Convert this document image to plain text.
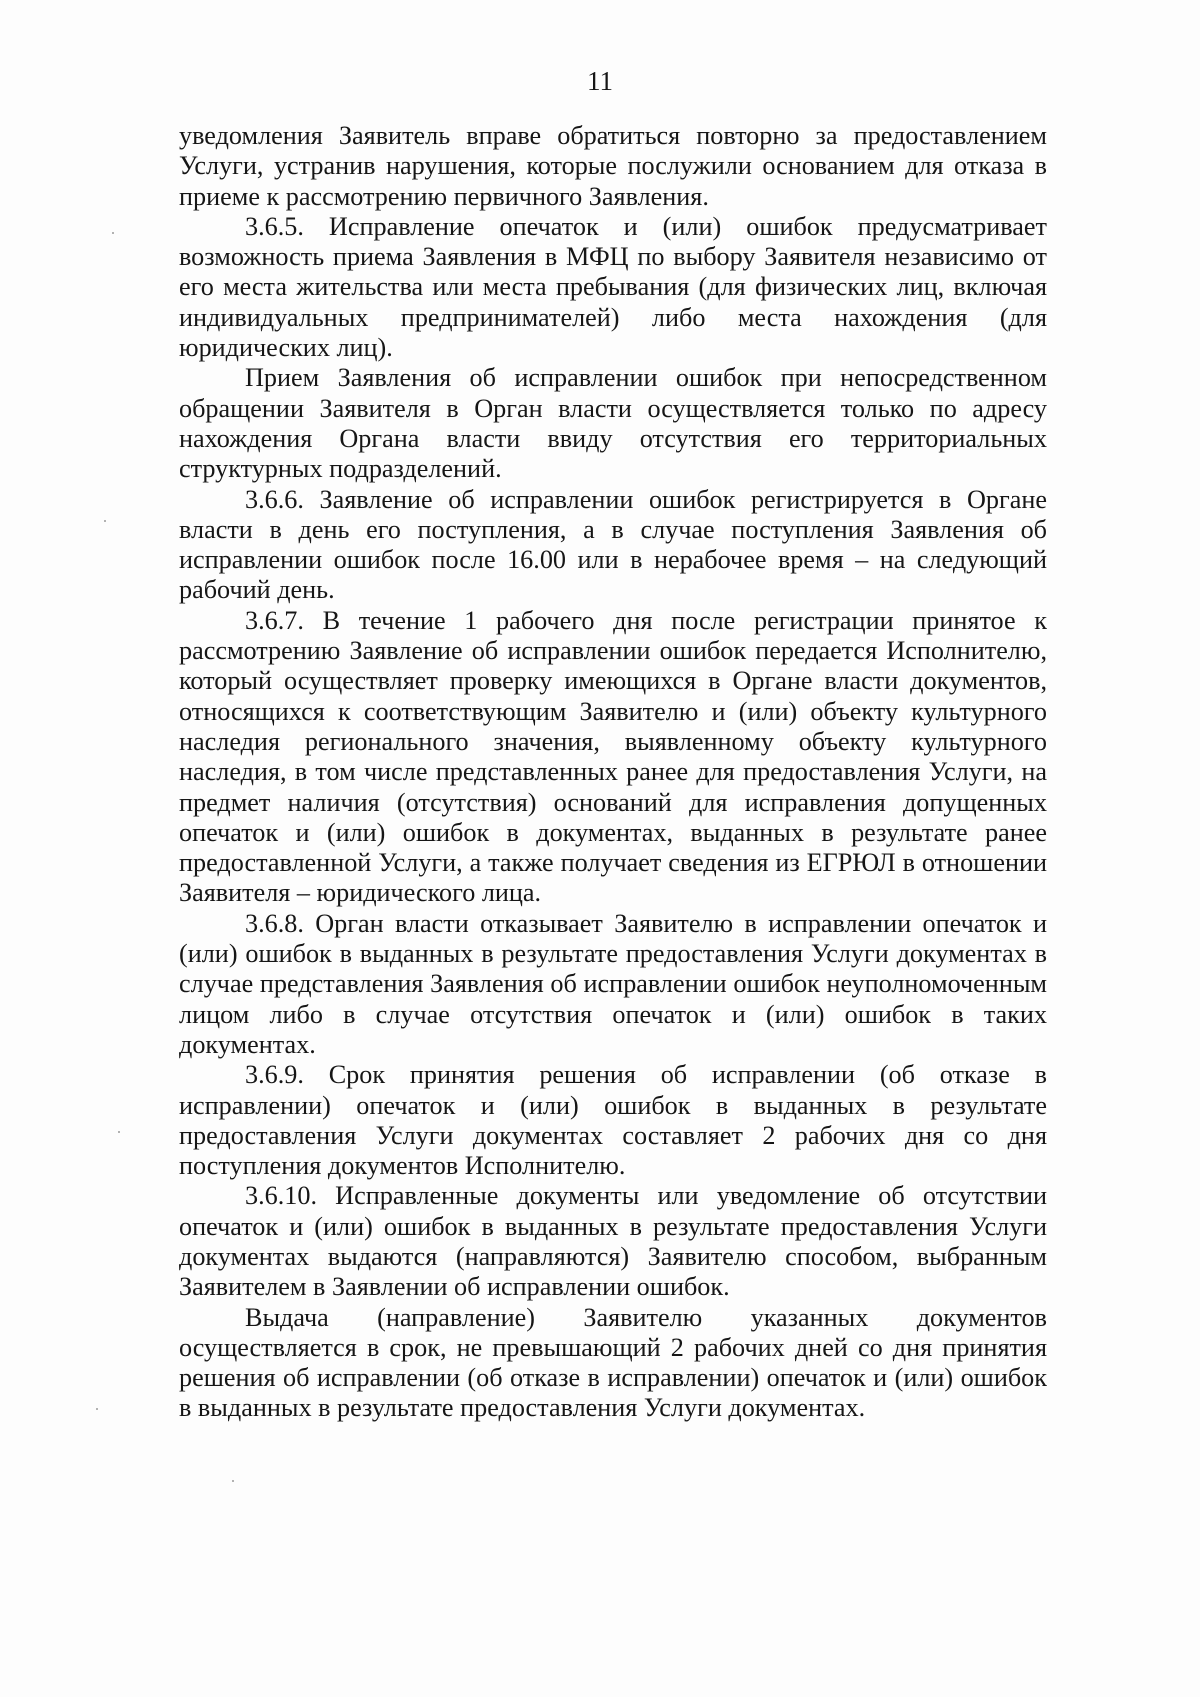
11

уведомления Заявитель вправе обратиться повторно за предоставлением Услуги, устранив нарушения, которые послужили основанием для отказа в приеме к рассмотрению первичного Заявления.

3.6.5. Исправление опечаток и (или) ошибок предусматривает возможность приема Заявления в МФЦ по выбору Заявителя независимо от его места жительства или места пребывания (для физических лиц, включая индивидуальных предпринимателей) либо места нахождения (для юридических лиц).

Прием Заявления об исправлении ошибок при непосредственном обращении Заявителя в Орган власти осуществляется только по адресу нахождения Органа власти ввиду отсутствия его территориальных структурных подразделений.

3.6.6. Заявление об исправлении ошибок регистрируется в Органе власти в день его поступления, а в случае поступления Заявления об исправлении ошибок после 16.00 или в нерабочее время – на следующий рабочий день.

3.6.7. В течение 1 рабочего дня после регистрации принятое к рассмотрению Заявление об исправлении ошибок передается Исполнителю, который осуществляет проверку имеющихся в Органе власти документов, относящихся к соответствующим Заявителю и (или) объекту культурного наследия регионального значения, выявленному объекту культурного наследия, в том числе представленных ранее для предоставления Услуги, на предмет наличия (отсутствия) оснований для исправления допущенных опечаток и (или) ошибок в документах, выданных в результате ранее предоставленной Услуги, а также получает сведения из ЕГРЮЛ в отношении Заявителя – юридического лица.

3.6.8. Орган власти отказывает Заявителю в исправлении опечаток и (или) ошибок в выданных в результате предоставления Услуги документах в случае представления Заявления об исправлении ошибок неуполномоченным лицом либо в случае отсутствия опечаток и (или) ошибок в таких документах.

3.6.9. Срок принятия решения об исправлении (об отказе в исправлении) опечаток и (или) ошибок в выданных в результате предоставления Услуги документах составляет 2 рабочих дня со дня поступления документов Исполнителю.

3.6.10. Исправленные документы или уведомление об отсутствии опечаток и (или) ошибок в выданных в результате предоставления Услуги документах выдаются (направляются) Заявителю способом, выбранным Заявителем в Заявлении об исправлении ошибок.

Выдача (направление) Заявителю указанных документов осуществляется в срок, не превышающий 2 рабочих дней со дня принятия решения об исправлении (об отказе в исправлении) опечаток и (или) ошибок в выданных в результате предоставления Услуги документах.
